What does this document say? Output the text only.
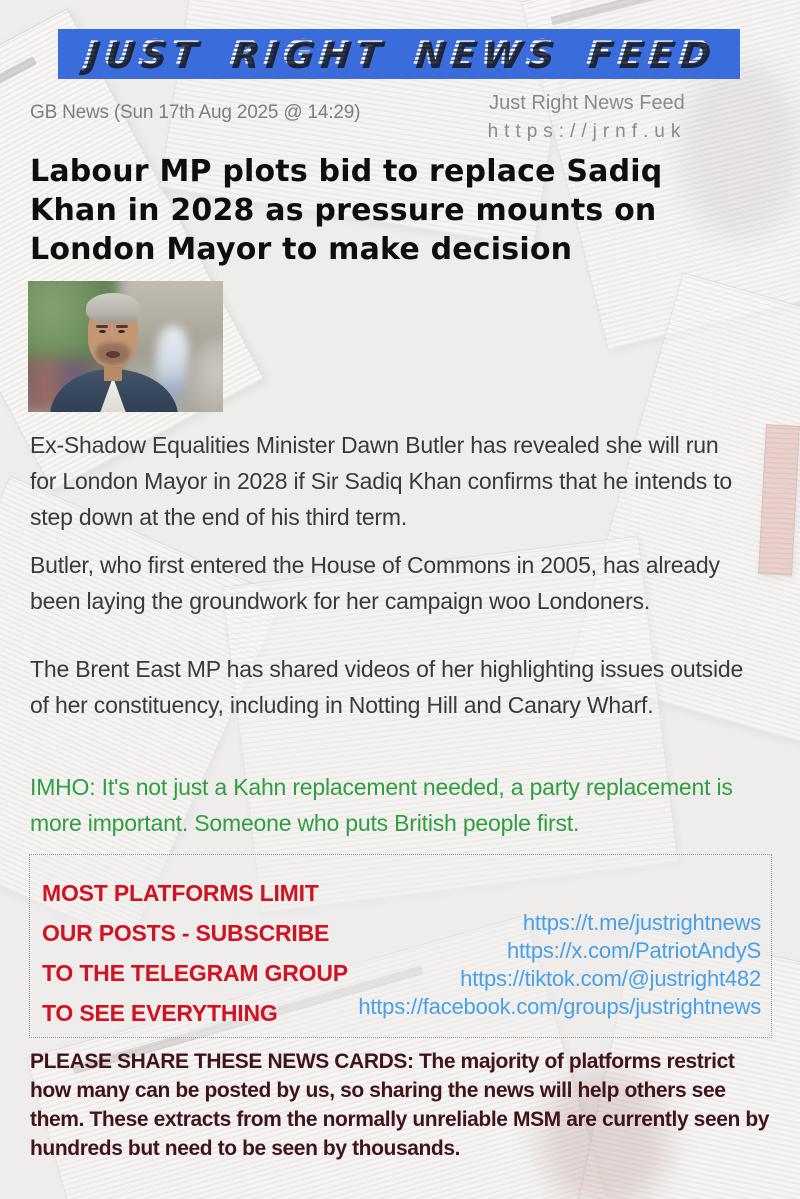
JUST RIGHT NEWS FEED
GB News (Sun 17th Aug 2025 @ 14:29)	Just Right News Feed
https://jrnf.uk
Labour MP plots bid to replace Sadiq Khan in 2028 as pressure mounts on London Mayor to make decision

Ex-Shadow Equalities Minister Dawn Butler has revealed she will run for London Mayor in 2028 if Sir Sadiq Khan confirms that he intends to step down at the end of his third term.

Butler, who first entered the House of Commons in 2005, has already been laying the groundwork for her campaign woo Londoners.

The Brent East MP has shared videos of her highlighting issues outside of her constituency, including in Notting Hill and Canary Wharf.

IMHO: It's not just a Kahn replacement needed, a party replacement is more important. Someone who puts British people first.

MOST PLATFORMS LIMIT
OUR POSTS - SUBSCRIBE
TO THE TELEGRAM GROUP
TO SEE EVERYTHING
https://t.me/justrightnews
https://x.com/PatriotAndyS
https://tiktok.com/@justright482
https://facebook.com/groups/justrightnews

PLEASE SHARE THESE NEWS CARDS: The majority of platforms restrict how many can be posted by us, so sharing the news will help others see them. These extracts from the normally unreliable MSM are currently seen by hundreds but need to be seen by thousands.
